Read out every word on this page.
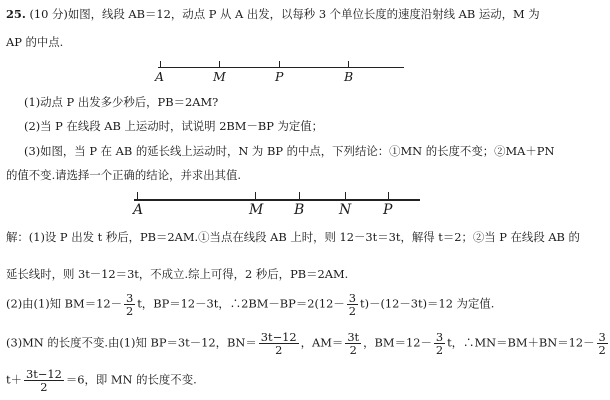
25. (10 分)如图，线段 AB＝12，动点 P 从 A 出发，以每秒 3 个单位长度的速度沿射线 AB 运动，M 为
AP 的中点.
A	M	P	B
(1)动点 P 出发多少秒后，PB＝2AM?
(2)当 P 在线段 AB 上运动时，试说明 2BM－BP 为定值；
(3)如图，当 P 在 AB 的延长线上运动时，N 为 BP 的中点，下列结论：①MN 的长度不变；②MA＋PN
的值不变.请选择一个正确的结论，并求出其值.
A	M B N P
解：(1)设 P 出发 t 秒后，PB＝2AM.①当点在线段 AB 上时，则 12－3t＝3t，解得 t＝2；②当 P 在线段 AB 的
延长线时，则 3t－12＝3t，不成立.综上可得，2 秒后，PB＝2AM.
(2)由(1)知 $BM=12- \frac{3}{2}$ t，BP＝12－3t，∴2BM－BP＝2(12－ $\frac{3}{2} t)-(12-3t)=12$ 为定值.
(3)MN 的长度不变.由(1)知 BP＝3t－12，$BN= \frac{3t-12}{2}$ ，$AM= \frac{3t}{2}$ ，$BM=12- \frac{3}{2}$ t，∴MN＝BM＋BN＝12－ $\frac{3}{2}$
$t+ \frac{3t-12}{2} =6$，即 MN 的长度不变.
